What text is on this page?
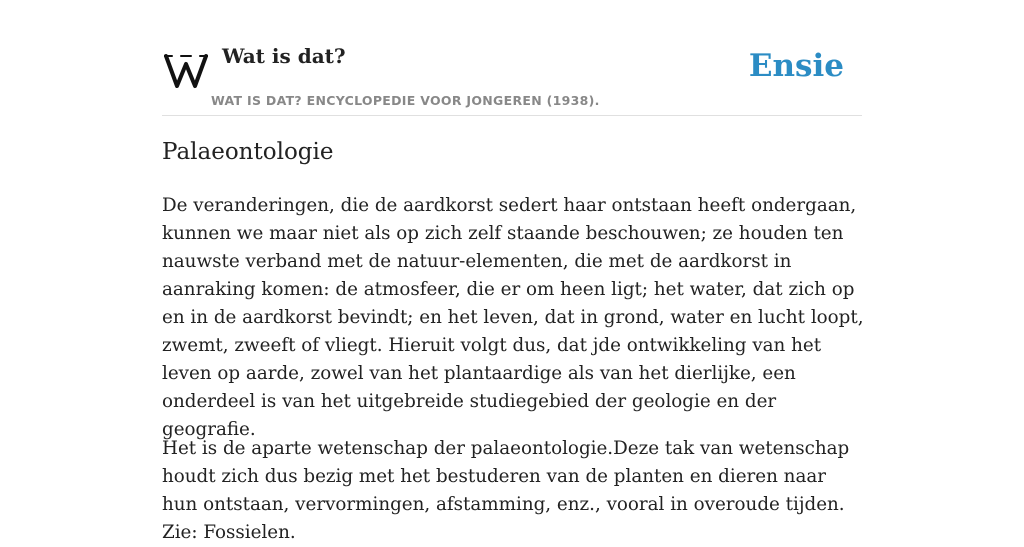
Wat is dat?
WAT IS DAT? ENCYCLOPEDIE VOOR JONGEREN (1938).
Ensie
Palaeontologie

De veranderingen, die de aardkorst sedert haar ontstaan heeft ondergaan, kunnen we maar niet als op zich zelf staande beschouwen; ze houden ten nauwste verband met de natuur-elementen, die met de aardkorst in aanraking komen: de atmosfeer, die er om heen ligt; het water, dat zich op en in de aardkorst bevindt; en het leven, dat in grond, water en lucht loopt, zwemt, zweeft of vliegt. Hieruit volgt dus, dat jde ontwikkeling van het leven op aarde, zowel van het plantaardige als van het dierlijke, een onderdeel is van het uitgebreide studiegebied der geologie en der geografie.

Het is de aparte wetenschap der palaeontologie.Deze tak van wetenschap houdt zich dus bezig met het bestuderen van de planten en dieren naar hun ontstaan, vervormingen, afstamming, enz., vooral in overoude tijden. Zie: Fossielen.
